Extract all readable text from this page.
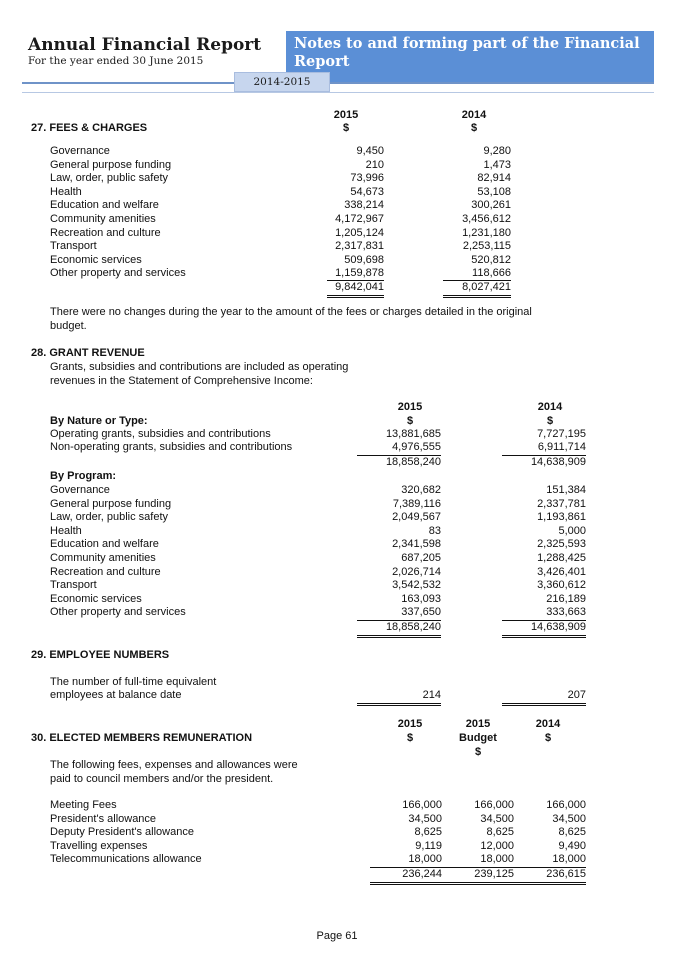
Annual Financial Report
For the year ended 30 June 2015
Notes to and forming part of the Financial Report
2014-2015
2015	2014
27. FEES & CHARGES	$	$
Governance	9,450	9,280
General purpose funding	210	1,473
Law, order, public safety	73,996	82,914
Health	54,673	53,108
Education and welfare	338,214	300,261
Community amenities	4,172,967	3,456,612
Recreation and culture	1,205,124	1,231,180
Transport	2,317,831	2,253,115
Economic services	509,698	520,812
Other property and services	1,159,878	118,666
9,842,041	8,027,421
There were no changes during the year to the amount of the fees or charges detailed in the original
budget.
28. GRANT REVENUE
Grants, subsidies and contributions are included as operating
revenues in the Statement of Comprehensive Income:
2015	2014
By Nature or Type:	$	$
Operating grants, subsidies and contributions	13,881,685	7,727,195
Non-operating grants, subsidies and contributions	4,976,555	6,911,714
18,858,240	14,638,909
By Program:
Governance	320,682	151,384
General purpose funding	7,389,116	2,337,781
Law, order, public safety	2,049,567	1,193,861
Health	83	5,000
Education and welfare	2,341,598	2,325,593
Community amenities	687,205	1,288,425
Recreation and culture	2,026,714	3,426,401
Transport	3,542,532	3,360,612
Economic services	163,093	216,189
Other property and services	337,650	333,663
18,858,240	14,638,909
29. EMPLOYEE NUMBERS
The number of full-time equivalent
employees at balance date	214	207
2015	2015	2014
30. ELECTED MEMBERS REMUNERATION	$	Budget	$
$
The following fees, expenses and allowances were
paid to council members and/or the president.
Meeting Fees	166,000	166,000	166,000
President's allowance	34,500	34,500	34,500
Deputy President's allowance	8,625	8,625	8,625
Travelling expenses	9,119	12,000	9,490
Telecommunications allowance	18,000	18,000	18,000
236,244	239,125	236,615
Page 61
